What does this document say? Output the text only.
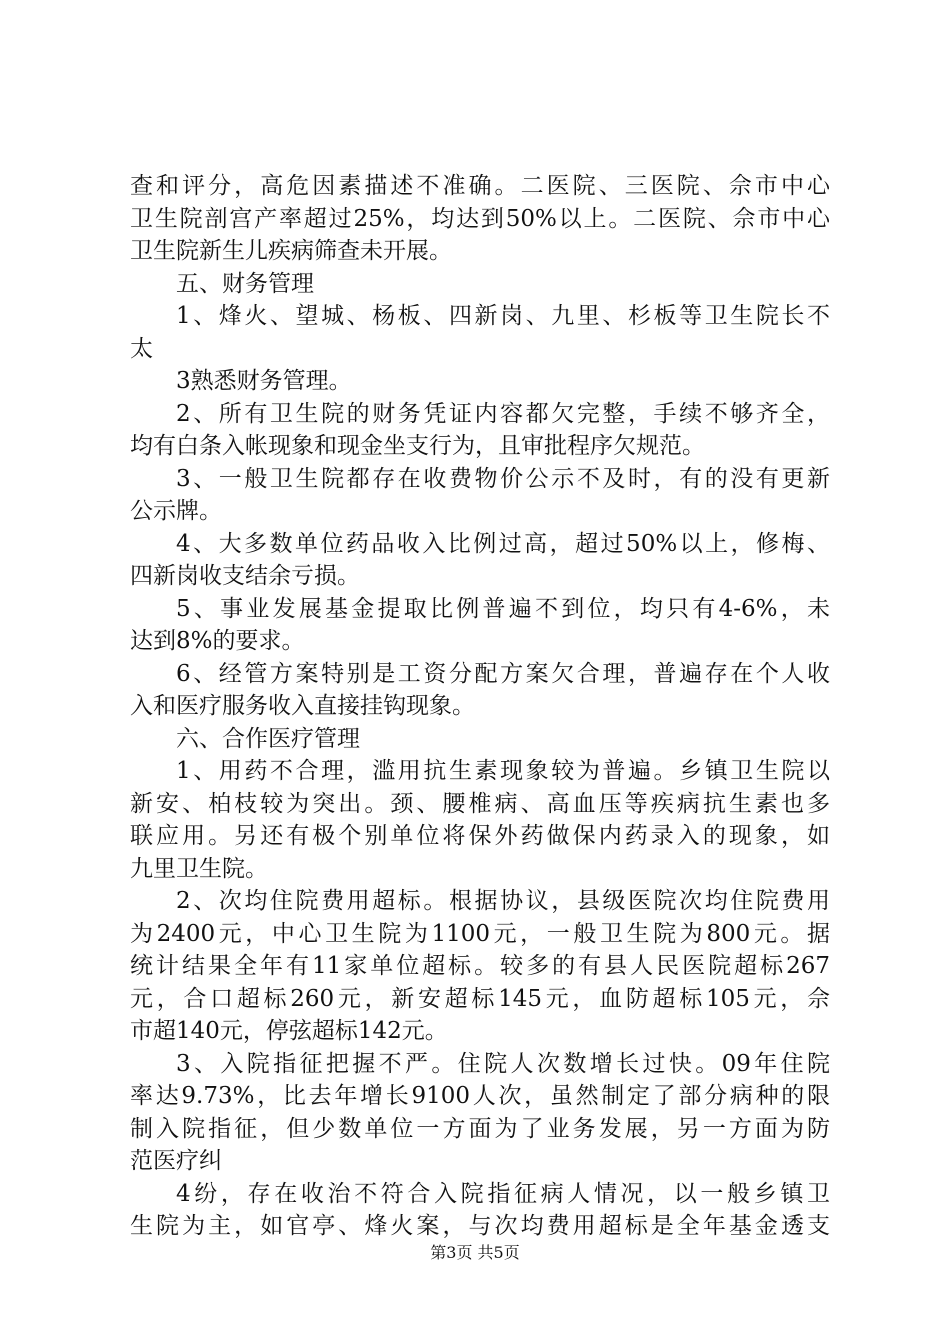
查和评分，高危因素描述不准确。二医院、三医院、佘市中心
卫生院剖宫产率超过25%，均达到50%以上。二医院、佘市中心
卫生院新生儿疾病筛查未开展。
五、财务管理
1、烽火、望城、杨板、四新岗、九里、杉板等卫生院长不
太
3熟悉财务管理。
2、所有卫生院的财务凭证内容都欠完整，手续不够齐全，
均有白条入帐现象和现金坐支行为，且审批程序欠规范。
3、一般卫生院都存在收费物价公示不及时，有的没有更新
公示牌。
4、大多数单位药品收入比例过高，超过50%以上，修梅、
四新岗收支结余亏损。
5、事业发展基金提取比例普遍不到位，均只有4-6%，未
达到8%的要求。
6、经管方案特别是工资分配方案欠合理，普遍存在个人收
入和医疗服务收入直接挂钩现象。
六、合作医疗管理
1、用药不合理，滥用抗生素现象较为普遍。乡镇卫生院以
新安、柏枝较为突出。颈、腰椎病、高血压等疾病抗生素也多
联应用。另还有极个别单位将保外药做保内药录入的现象，如
九里卫生院。
2、次均住院费用超标。根据协议，县级医院次均住院费用
为2400元，中心卫生院为1100元，一般卫生院为800元。据
统计结果全年有11家单位超标。较多的有县人民医院超标267
元，合口超标260元，新安超标145元，血防超标105元，佘
市超140元，停弦超标142元。
3、入院指征把握不严。住院人次数增长过快。09年住院
率达9.73%，比去年增长9100人次，虽然制定了部分病种的限
制入院指征，但少数单位一方面为了业务发展，另一方面为防
范医疗纠
4纷，存在收治不符合入院指征病人情况，以一般乡镇卫
生院为主，如官亭、烽火案，与次均费用超标是全年基金透支
第3页 共5页
